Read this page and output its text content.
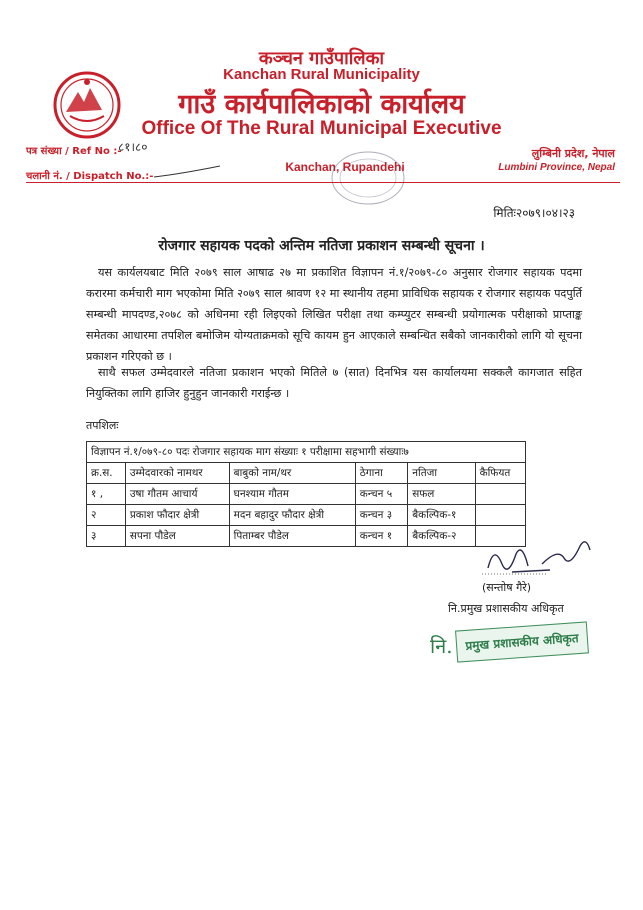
कञ्चन गाउँपालिका
Kanchan Rural Municipality
गाउँ कार्यपालिकाको कार्यालय
Office Of The Rural Municipal Executive
Kanchan, Rupandehi
पत्र संख्या / Ref No :-
८१।८०
चलानी नं. / Dispatch No.:-
लुम्बिनी प्रदेश, नेपाल
Lumbini Province, Nepal
मितिः२०७९।०४।२३
रोजगार सहायक पदको अन्तिम नतिजा प्रकाशन सम्बन्धी सूचना ।
यस कार्यलयबाट मिति २०७९ साल आषाढ २७ मा प्रकाशित विज्ञापन नं.१/२०७९-८० अनुसार रोजगार सहायक पदमा करारमा कर्मचारी माग भएकोमा मिति २०७९ साल श्रावण १२ मा स्थानीय तहमा प्राविधिक सहायक र रोजगार सहायक पदपुर्ति सम्बन्धी मापदण्ड,२०७८ को अधिनमा रही लिइएको लिखित परीक्षा तथा कम्प्युटर सम्बन्धी प्रयोगात्मक परीक्षाको प्राप्ताङ्क समेतका आधारमा तपशिल बमोजिम योग्यताक्रमको सूचि कायम हुन आएकाले सम्बन्धित सबैको जानकारीको लागि यो सूचना प्रकाशन गरिएको छ ।
साथै सफल उम्मेदवारले नतिजा प्रकाशन भएको मितिले ७ (सात) दिनभित्र यस कार्यालयमा सक्कलै कागजात सहित नियुक्तिका लागि हाजिर हुनुहुन जानकारी गराईन्छ ।
तपशिलः
विज्ञापन नं.१/०७९-८० पदः रोजगार सहायक माग संख्याः १ परीक्षामा सहभागी संख्याः७					
क्र.स.	उम्मेदवारको नामथर	बाबुको नाम/थर	ठेगाना	नतिजा	कैफियत
१ ,	उषा गौतम आचार्य	घनश्याम गौतम	कन्चन ५	सफल	
२	प्रकाश फौदार क्षेत्री	मदन बहादुर फौदार क्षेत्री	कन्चन ३	बैकल्पिक-१	
३	सपना पौडेल	पिताम्बर पौडेल	कन्चन १	बैकल्पिक-२	
(सन्तोष गैरे)
नि.प्रमुख प्रशासकीय अधिकृत
नि.	प्रमुख प्रशासकीय अधिकृत
